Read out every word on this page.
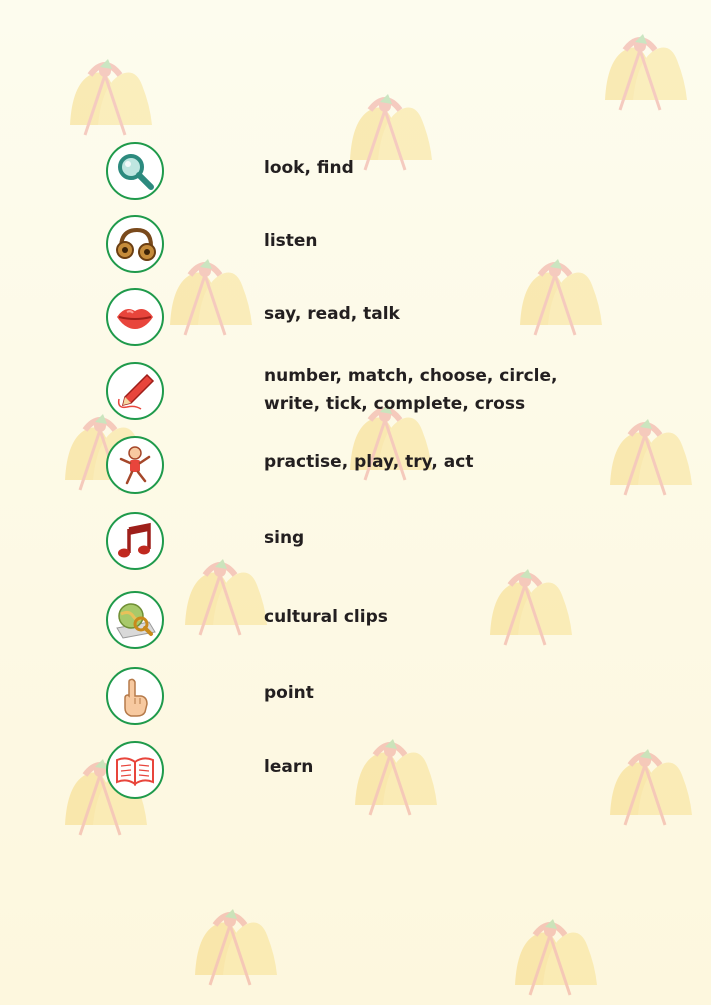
look, find
listen
say, read, talk
number, match, choose, circle,
write, tick, complete, cross
practise, play, try, act
sing
cultural clips
point
learn
